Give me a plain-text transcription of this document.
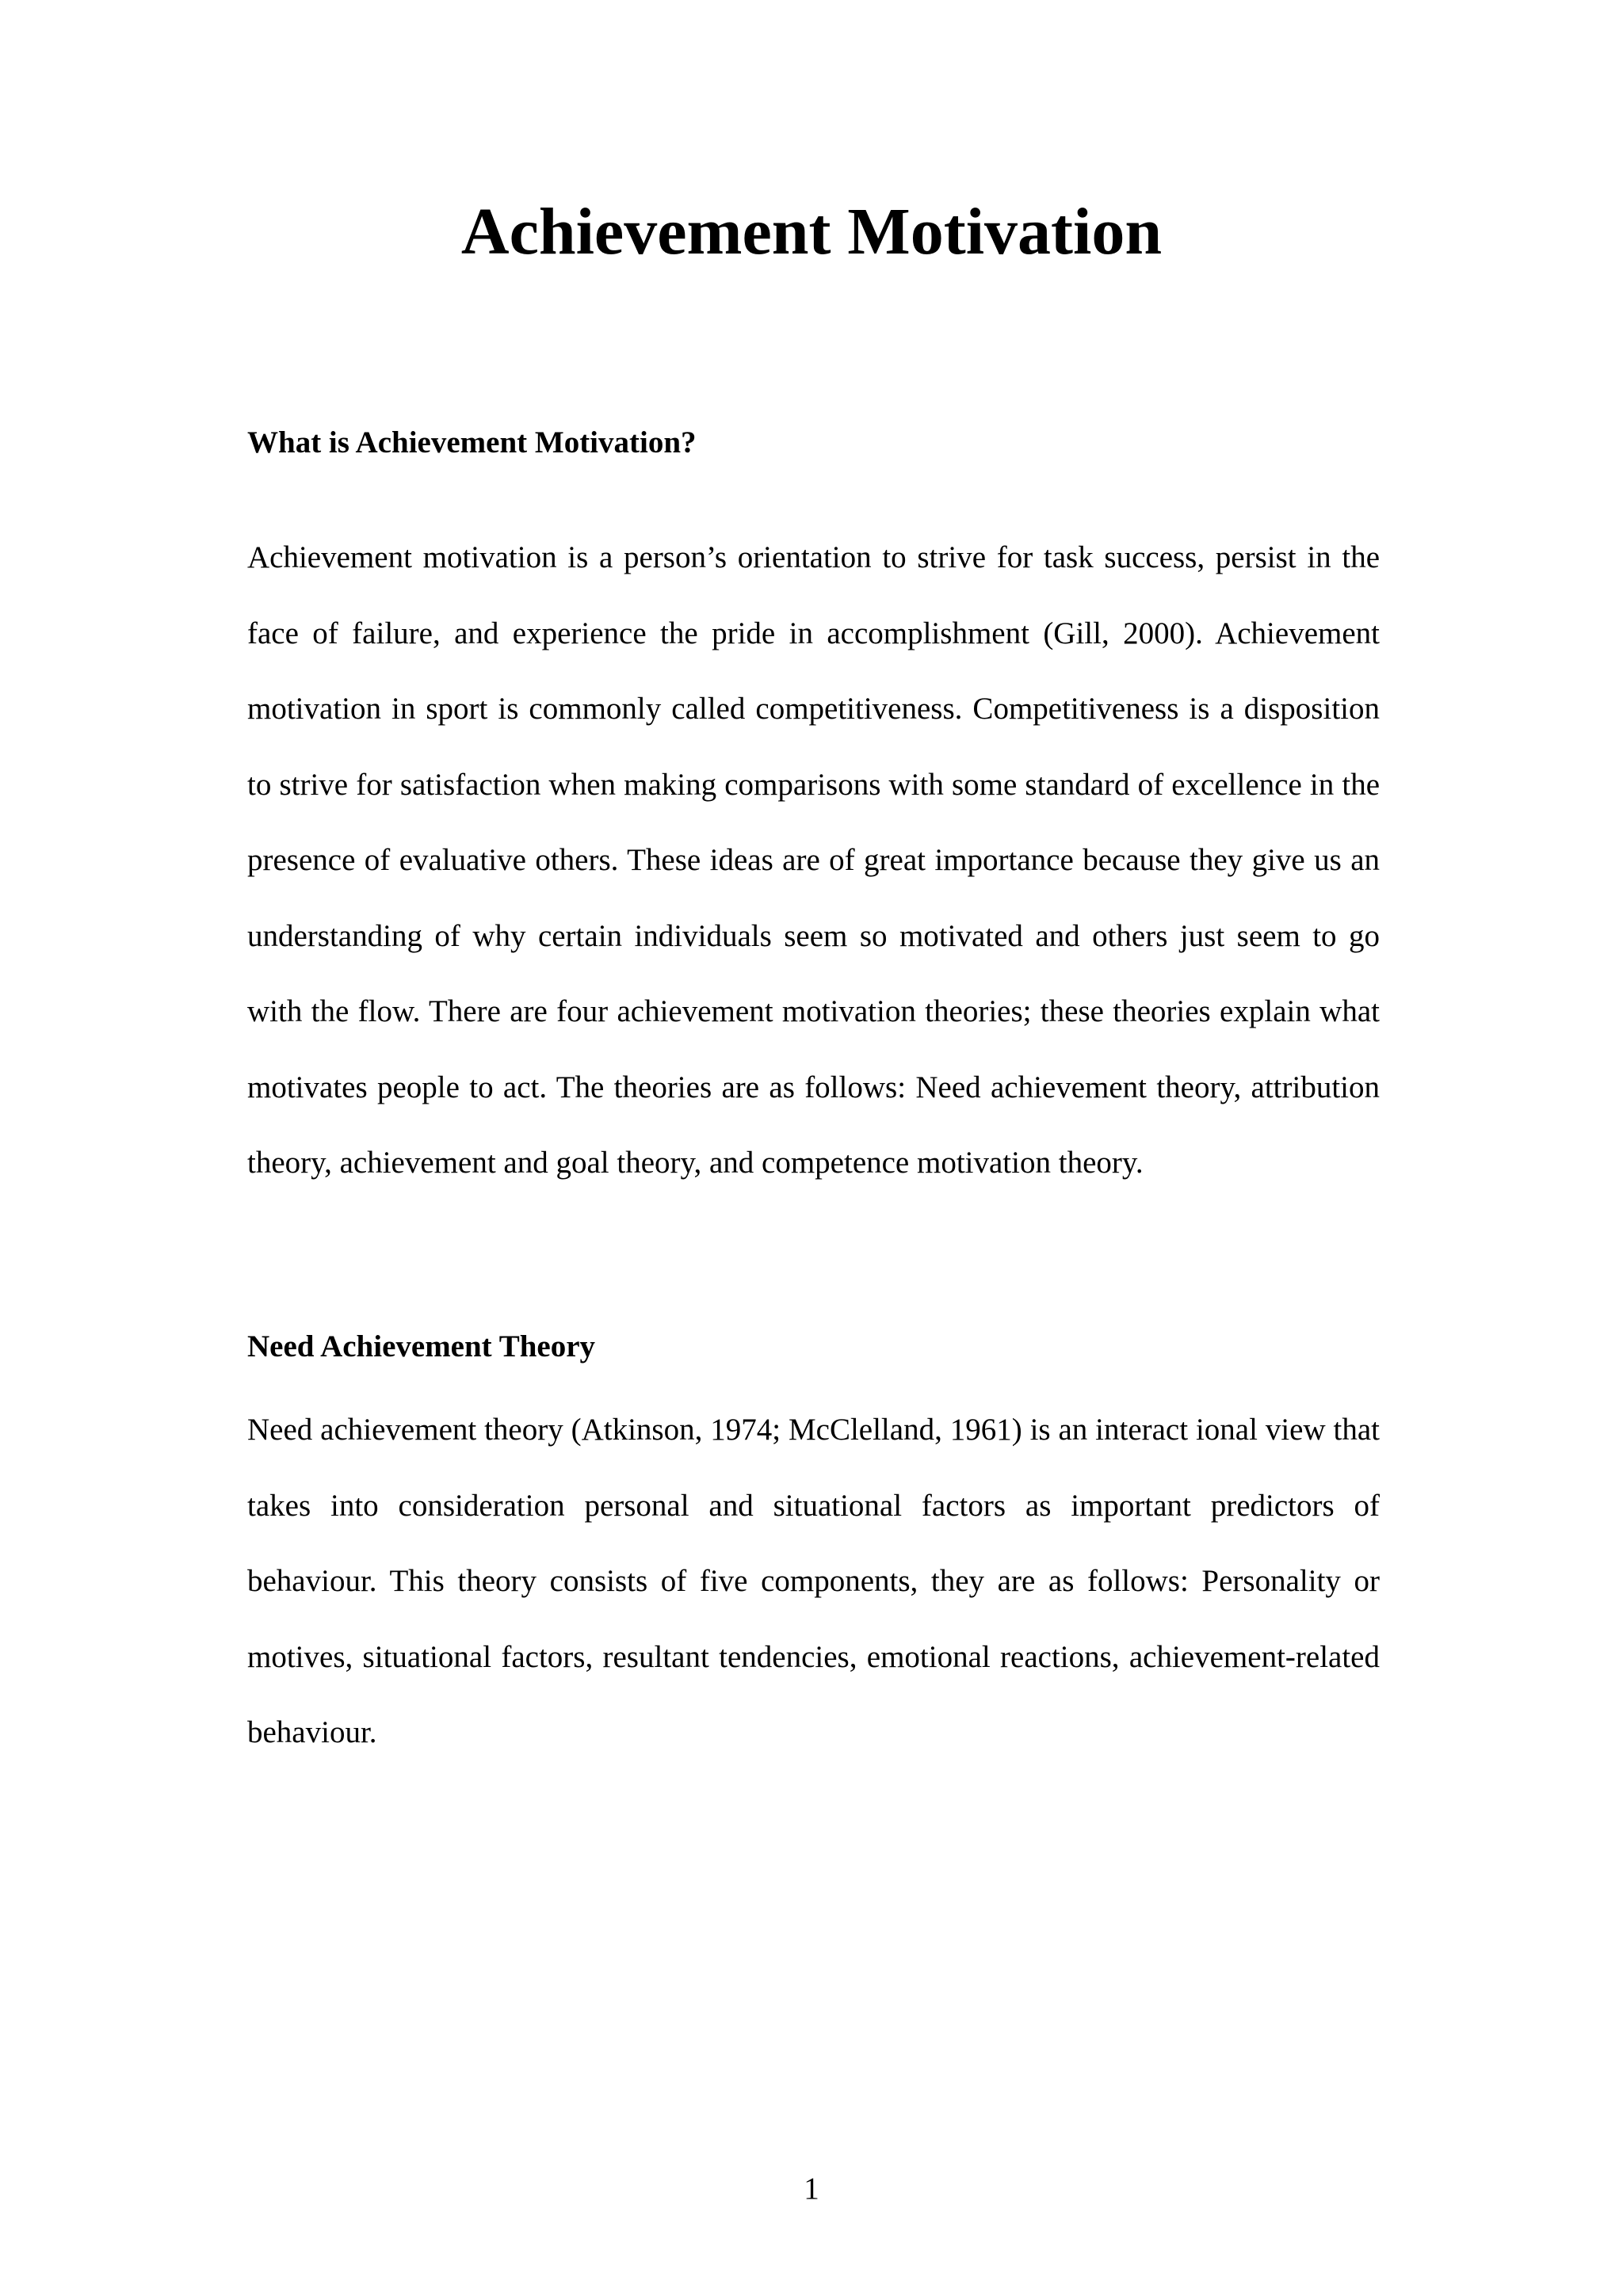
Achievement Motivation
What is Achievement Motivation?

Achievement motivation is a person’s orientation to strive for task success, persist in the face of failure, and experience the pride in accomplishment (Gill, 2000). Achievement motivation in sport is commonly called competitiveness. Competitiveness is a disposition to strive for satisfaction when making comparisons with some standard of excellence in the presence of evaluative others. These ideas are of great importance because they give us an understanding of why certain individuals seem so motivated and others just seem to go with the flow. There are four achievement motivation theories; these theories explain what motivates people to act. The theories are as follows: Need achievement theory, attribution theory, achievement and goal theory, and competence motivation theory.

Need Achievement Theory

Need achievement theory (Atkinson, 1974; McClelland, 1961) is an interact ional view that takes into consideration personal and situational factors as important predictors of behaviour. This theory consists of five components, they are as follows: Personality or motives, situational factors, resultant tendencies, emotional reactions, achievement-related behaviour.

1
